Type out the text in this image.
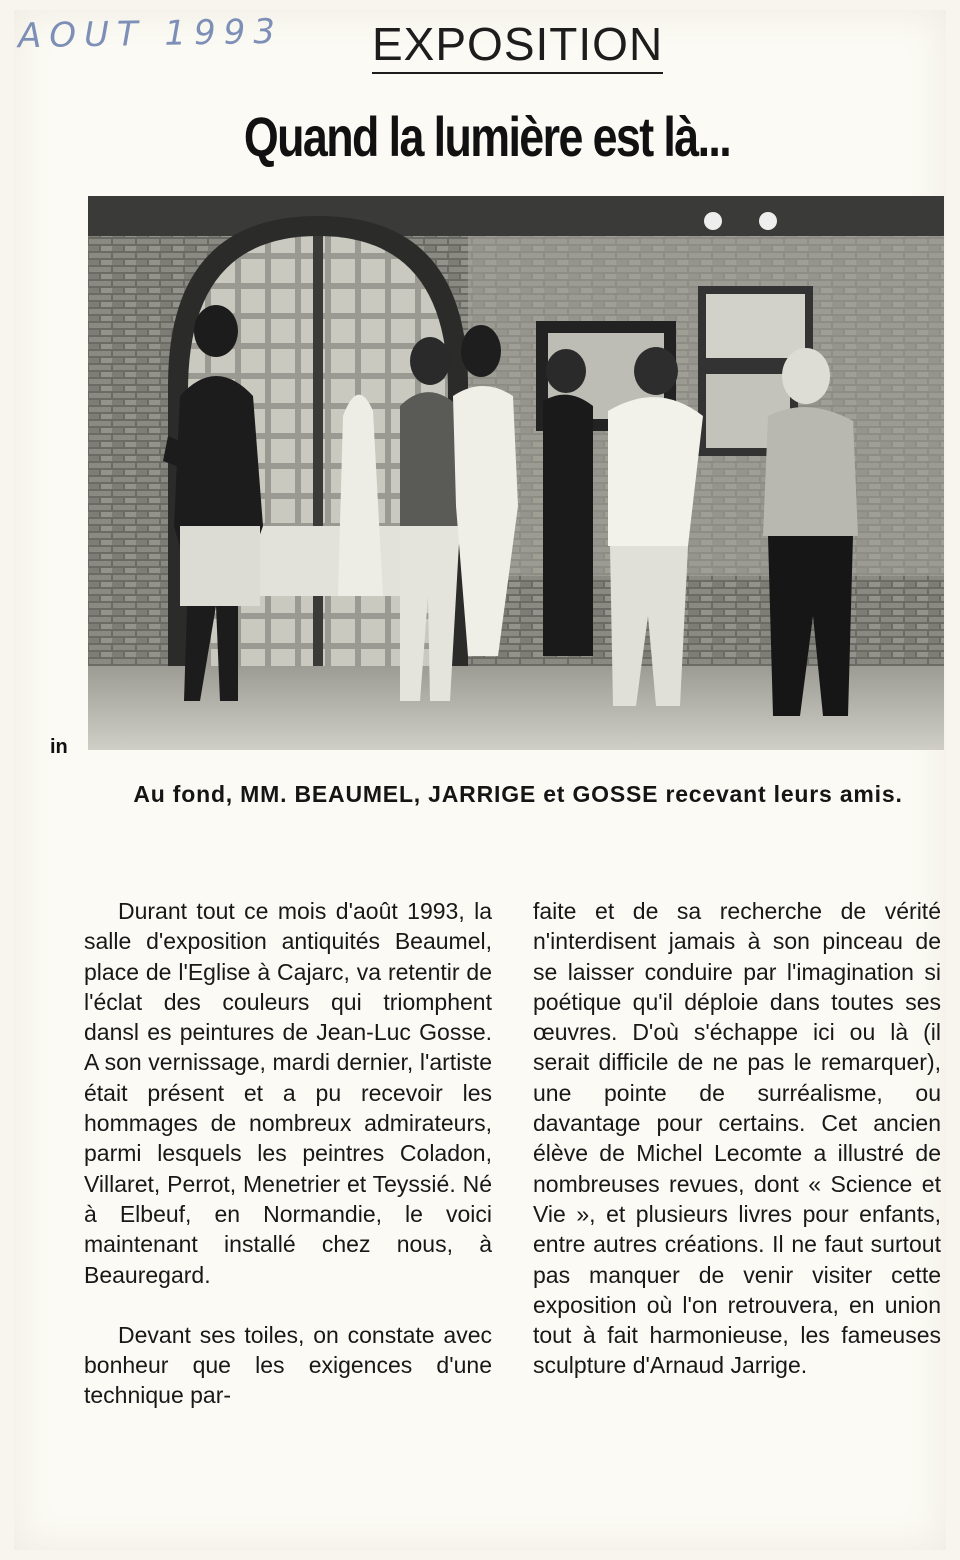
AOUT 1993 EXPOSITION
Quand la lumière est là...
in
Au fond, MM. BEAUMEL, JARRIGE et GOSSE recevant leurs amis.

Durant tout ce mois d'août 1993, la salle d'exposition antiquités Beaumel, place de l'Eglise à Cajarc, va retentir de l'éclat des couleurs qui triomphent dansl es peintures de Jean-Luc Gosse. A son vernissage, mardi dernier, l'artiste était présent et a pu recevoir les hommages de nombreux admirateurs, parmi lesquels les peintres Coladon, Villaret, Perrot, Menetrier et Teyssié. Né à Elbeuf, en Normandie, le voici maintenant installé chez nous, à Beauregard.

Devant ses toiles, on constate avec bonheur que les exigences d'une technique par-

faite et de sa recherche de vérité n'interdisent jamais à son pinceau de se laisser conduire par l'imagination si poétique qu'il déploie dans toutes ses œuvres. D'où s'échappe ici ou là (il serait difficile de ne pas le remarquer), une pointe de surréalisme, ou davantage pour certains. Cet ancien élève de Michel Lecomte a illustré de nombreuses revues, dont « Science et Vie », et plusieurs livres pour enfants, entre autres créations. Il ne faut surtout pas manquer de venir visiter cette exposition où l'on retrouvera, en union tout à fait harmonieuse, les fameuses sculpture d'Arnaud Jarrige.
